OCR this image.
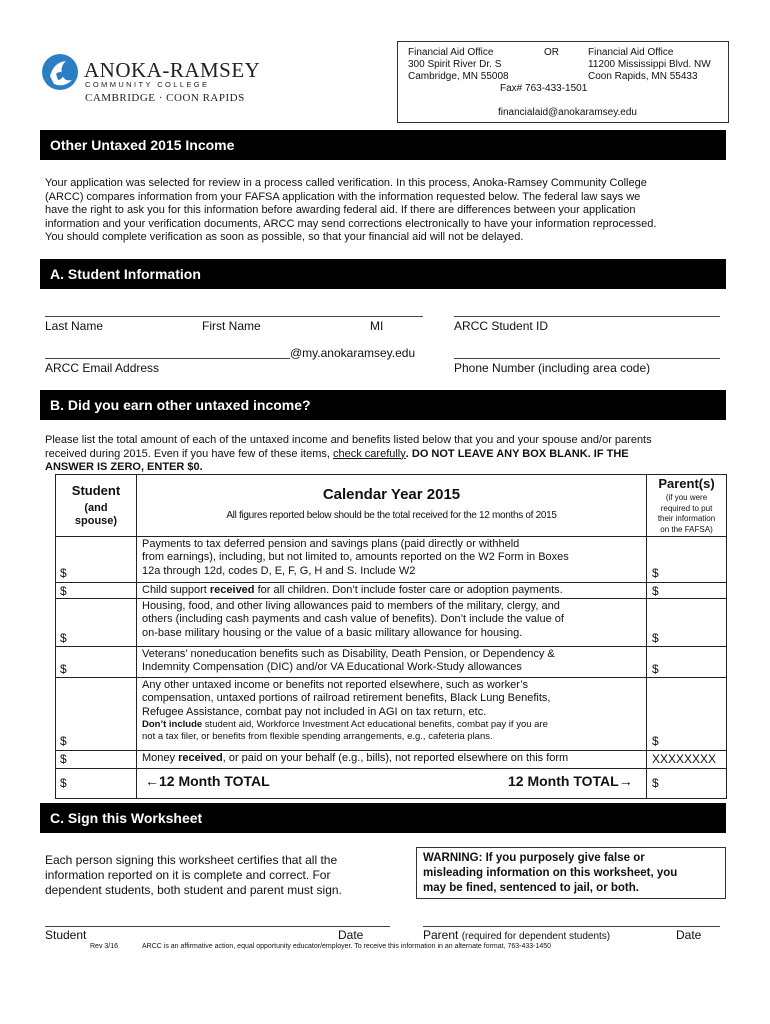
ANOKA-RAMSEY
COMMUNITY COLLEGE
CAMBRIDGE · COON RAPIDS
Financial Aid Office
300 Spirit River Dr. S
Cambridge, MN 55008
OR	Financial Aid Office
11200 Mississippi Blvd. NW
Coon Rapids, MN 55433
Fax# 763-433-1501
financialaid@anokaramsey.edu
Other Untaxed 2015 Income
Your application was selected for review in a process called verification. In this process, Anoka-Ramsey Community College
(ARCC) compares information from your FAFSA application with the information requested below. The federal law says we
have the right to ask you for this information before awarding federal aid. If there are differences between your application
information and your verification documents, ARCC may send corrections electronically to have your information reprocessed.
You should complete verification as soon as possible, so that your financial aid will not be delayed.
A. Student Information
Last Name	First Name	MI	ARCC Student ID
@my.anokaramsey.edu
ARCC Email Address	Phone Number (including area code)
B. Did you earn other untaxed income?
Please list the total amount of each of the untaxed income and benefits listed below that you and your spouse and/or parents
received during 2015. Even if you have few of these items, check carefully. DO NOT LEAVE ANY BOX BLANK. IF THE
ANSWER IS ZERO, ENTER $0.
Student
(and
spouse)
Calendar Year 2015
All figures reported below should be the total received for the 12 months of 2015
Parent(s)
(if you were
required to put
their information
on the FAFSA)
Payments to tax deferred pension and savings plans (paid directly or withheld
from earnings), including, but not limited to, amounts reported on the W2 Form in Boxes
12a through 12d, codes D, E, F, G, H and S. Include W2
$	$
Child support received for all children. Don’t include foster care or adoption payments.
$	$
Housing, food, and other living allowances paid to members of the military, clergy, and
others (including cash payments and cash value of benefits). Don’t include the value of
on-base military housing or the value of a basic military allowance for housing.
$	$
Veterans’ noneducation benefits such as Disability, Death Pension, or Dependency &
Indemnity Compensation (DIC) and/or VA Educational Work-Study allowances
$	$
Any other untaxed income or benefits not reported elsewhere, such as worker’s
compensation, untaxed portions of railroad retirement benefits, Black Lung Benefits,
Refugee Assistance, combat pay not included in AGI on tax return, etc.
Don’t include student aid, Workforce Investment Act educational benefits, combat pay if you are
not a tax filer, or benefits from flexible spending arrangements, e.g., cafeteria plans.
$	$
Money received, or paid on your behalf (e.g., bills), not reported elsewhere on this form
$	XXXXXXXX
$	←12 Month TOTAL	12 Month TOTAL→ $
C. Sign this Worksheet
Each person signing this worksheet certifies that all the
information reported on it is complete and correct. For
dependent students, both student and parent must sign.
WARNING: If you purposely give false or
misleading information on this worksheet, you
may be fined, sentenced to jail, or both.
Student	Date	Parent (required for dependent students)	Date
Rev 3/16	ARCC is an affirmative action, equal opportunity educator/employer. To receive this information in an alternate format, 763-433-1450
